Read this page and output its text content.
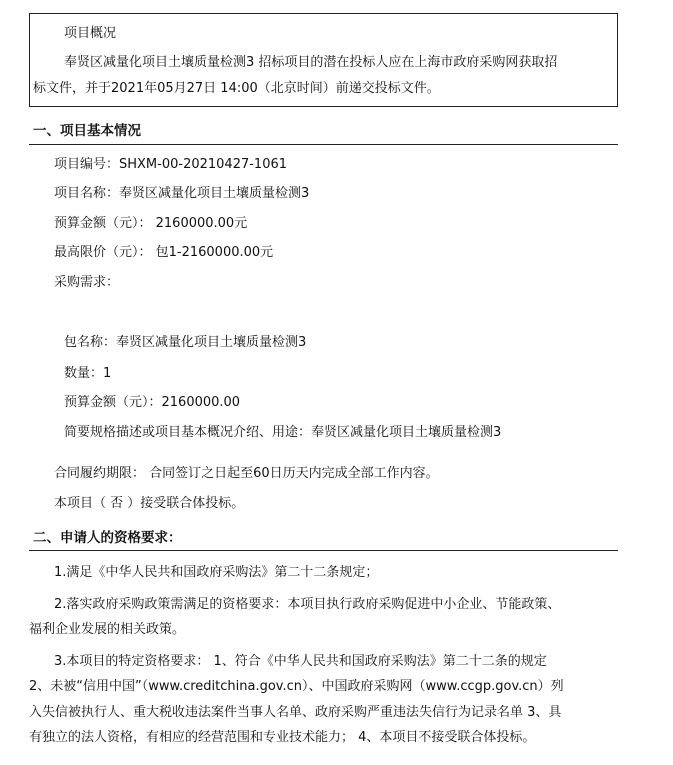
项目概况
奉贤区减量化项目土壤质量检测3 招标项目的潜在投标人应在上海市政府采购网获取招
标文件，并于2021年05月27日 14:00（北京时间）前递交投标文件。
一、项目基本情况
项目编号：SHXM-00-20210427-1061
项目名称：奉贤区减量化项目土壤质量检测3
预算金额（元）： 2160000.00元
最高限价（元）： 包1-2160000.00元
采购需求：
包名称：奉贤区减量化项目土壤质量检测3
数量：1
预算金额（元）：2160000.00
简要规格描述或项目基本概况介绍、用途：奉贤区减量化项目土壤质量检测3
合同履约期限： 合同签订之日起至60日历天内完成全部工作内容。
本项目（ 否 ）接受联合体投标。
二、申请人的资格要求：
1.满足《中华人民共和国政府采购法》第二十二条规定；
2.落实政府采购政策需满足的资格要求：本项目执行政府采购促进中小企业、节能政策、
福利企业发展的相关政策。
3.本项目的特定资格要求： 1、符合《中华人民共和国政府采购法》第二十二条的规定
2、未被“信用中国”（www.creditchina.gov.cn）、中国政府采购网（www.ccgp.gov.cn）列
入失信被执行人、重大税收违法案件当事人名单、政府采购严重违法失信行为记录名单 3、具
有独立的法人资格，有相应的经营范围和专业技术能力； 4、本项目不接受联合体投标。
